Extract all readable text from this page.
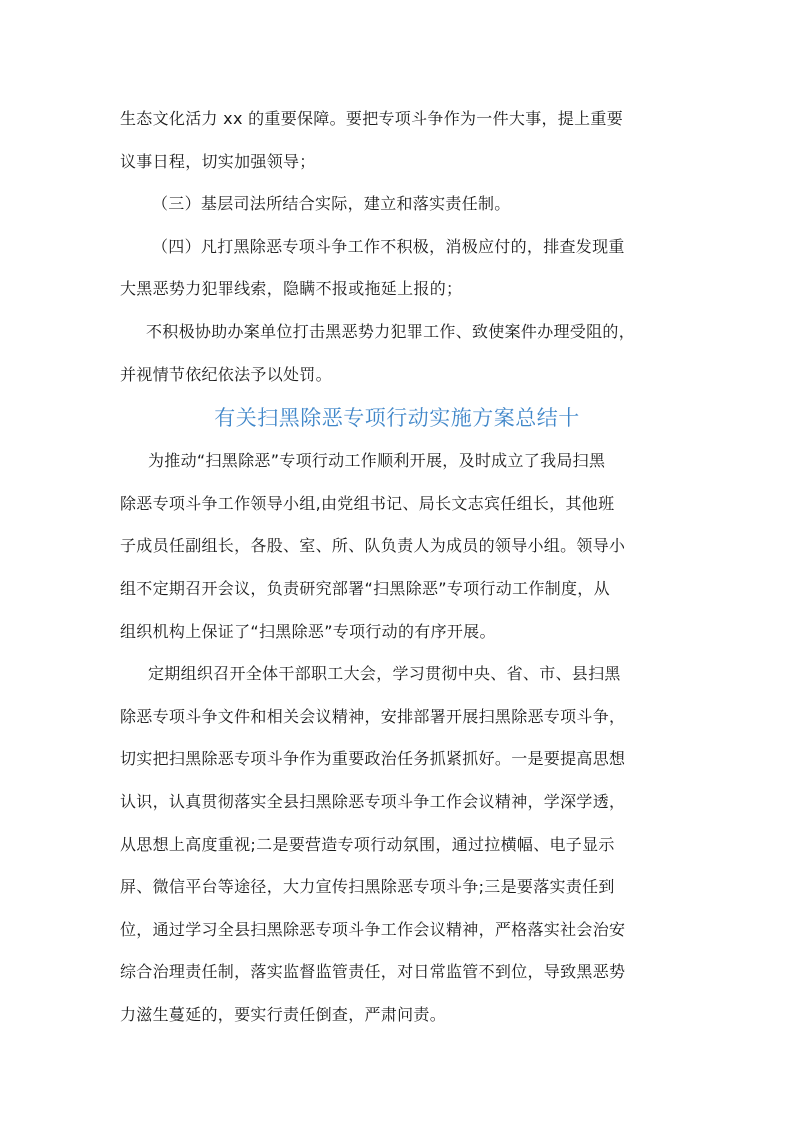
生态文化活力 xx 的重要保障。要把专项斗争作为一件大事，提上重要
议事日程，切实加强领导；
（三）基层司法所结合实际，建立和落实责任制。
（四）凡打黑除恶专项斗争工作不积极，消极应付的，排查发现重
大黑恶势力犯罪线索，隐瞒不报或拖延上报的；
不积极协助办案单位打击黑恶势力犯罪工作、致使案件办理受阻的，
并视情节依纪依法予以处罚。
有关扫黑除恶专项行动实施方案总结十
为推动“扫黑除恶”专项行动工作顺利开展，及时成立了我局扫黑
除恶专项斗争工作领导小组,由党组书记、局长文志宾任组长，其他班
子成员任副组长，各股、室、所、队负责人为成员的领导小组。领导小
组不定期召开会议，负责研究部署“扫黑除恶”专项行动工作制度，从
组织机构上保证了“扫黑除恶”专项行动的有序开展。
定期组织召开全体干部职工大会，学习贯彻中央、省、市、县扫黑
除恶专项斗争文件和相关会议精神，安排部署开展扫黑除恶专项斗争，
切实把扫黑除恶专项斗争作为重要政治任务抓紧抓好。一是要提高思想
认识，认真贯彻落实全县扫黑除恶专项斗争工作会议精神，学深学透，
从思想上高度重视;二是要营造专项行动氛围，通过拉横幅、电子显示
屏、微信平台等途径，大力宣传扫黑除恶专项斗争;三是要落实责任到
位，通过学习全县扫黑除恶专项斗争工作会议精神，严格落实社会治安
综合治理责任制，落实监督监管责任，对日常监管不到位，导致黑恶势
力滋生蔓延的，要实行责任倒查，严肃问责。
